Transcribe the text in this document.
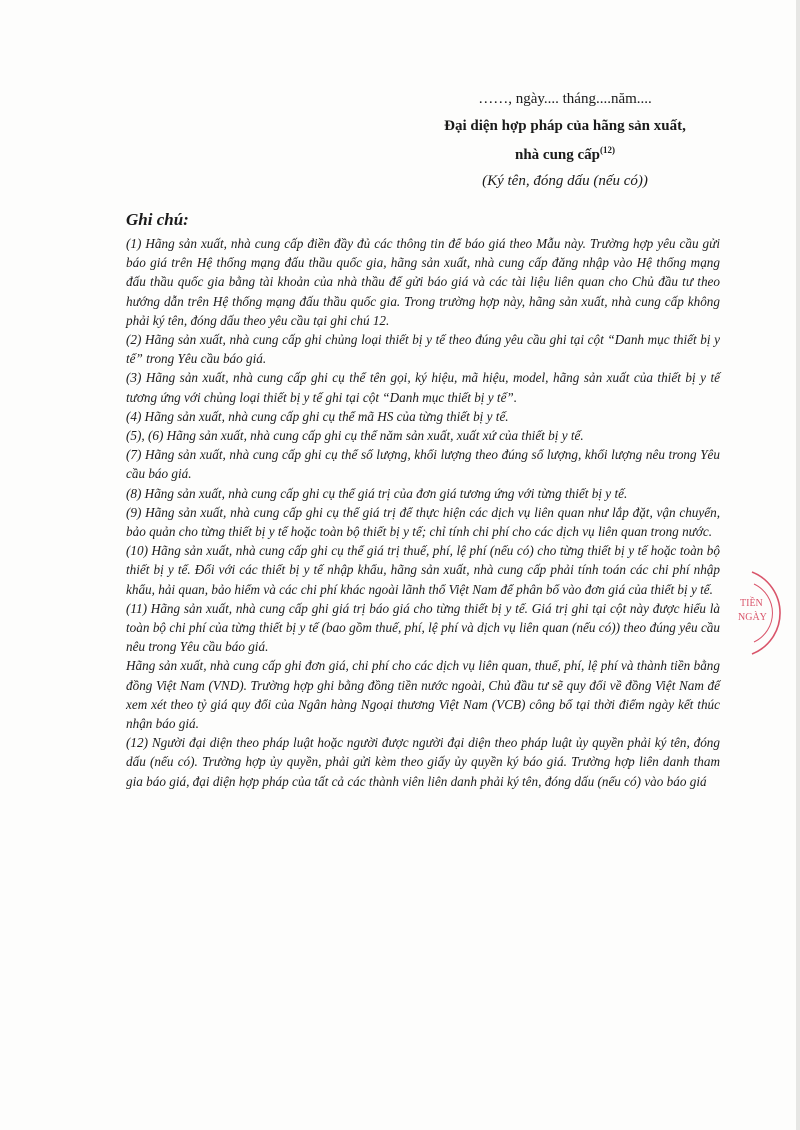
……, ngày.... tháng....năm....

Đại diện hợp pháp của hãng sản xuất,

nhà cung cấp$^{(12)}$

(Ký tên, đóng dấu (nếu có))

Ghi chú:

(1) Hãng sản xuất, nhà cung cấp điền đầy đủ các thông tin để báo giá theo Mẫu này. Trường hợp yêu cầu gửi báo giá trên Hệ thống mạng đấu thầu quốc gia, hãng sản xuất, nhà cung cấp đăng nhập vào Hệ thống mạng đấu thầu quốc gia bằng tài khoản của nhà thầu để gửi báo giá và các tài liệu liên quan cho Chủ đầu tư theo hướng dẫn trên Hệ thống mạng đấu thầu quốc gia. Trong trường hợp này, hãng sản xuất, nhà cung cấp không phải ký tên, đóng dấu theo yêu cầu tại ghi chú 12.

(2) Hãng sản xuất, nhà cung cấp ghi chủng loại thiết bị y tế theo đúng yêu cầu ghi tại cột “Danh mục thiết bị y tế” trong Yêu cầu báo giá.

(3) Hãng sản xuất, nhà cung cấp ghi cụ thể tên gọi, ký hiệu, mã hiệu, model, hãng sản xuất của thiết bị y tế tương ứng với chủng loại thiết bị y tế ghi tại cột “Danh mục thiết bị y tế”.

(4) Hãng sản xuất, nhà cung cấp ghi cụ thể mã HS của từng thiết bị y tế.

(5), (6) Hãng sản xuất, nhà cung cấp ghi cụ thể năm sản xuất, xuất xứ của thiết bị y tế.

(7) Hãng sản xuất, nhà cung cấp ghi cụ thể số lượng, khối lượng theo đúng số lượng, khối lượng nêu trong Yêu cầu báo giá.

(8) Hãng sản xuất, nhà cung cấp ghi cụ thể giá trị của đơn giá tương ứng với từng thiết bị y tế.

(9) Hãng sản xuất, nhà cung cấp ghi cụ thể giá trị để thực hiện các dịch vụ liên quan như lắp đặt, vận chuyển, bảo quản cho từng thiết bị y tế hoặc toàn bộ thiết bị y tế; chỉ tính chi phí cho các dịch vụ liên quan trong nước.

(10) Hãng sản xuất, nhà cung cấp ghi cụ thể giá trị thuế, phí, lệ phí (nếu có) cho từng thiết bị y tế hoặc toàn bộ thiết bị y tế. Đối với các thiết bị y tế nhập khẩu, hãng sản xuất, nhà cung cấp phải tính toán các chi phí nhập khẩu, hải quan, bảo hiểm và các chi phí khác ngoài lãnh thổ Việt Nam để phân bổ vào đơn giá của thiết bị y tế.

(11) Hãng sản xuất, nhà cung cấp ghi giá trị báo giá cho từng thiết bị y tế. Giá trị ghi tại cột này được hiểu là toàn bộ chi phí của từng thiết bị y tế (bao gồm thuế, phí, lệ phí và dịch vụ liên quan (nếu có)) theo đúng yêu cầu nêu trong Yêu cầu báo giá.

Hãng sản xuất, nhà cung cấp ghi đơn giá, chi phí cho các dịch vụ liên quan, thuế, phí, lệ phí và thành tiền bằng đồng Việt Nam (VND). Trường hợp ghi bằng đồng tiền nước ngoài, Chủ đầu tư sẽ quy đổi về đồng Việt Nam để xem xét theo tỷ giá quy đổi của Ngân hàng Ngoại thương Việt Nam (VCB) công bố tại thời điểm ngày kết thúc nhận báo giá.

(12) Người đại diện theo pháp luật hoặc người được người đại diện theo pháp luật ủy quyền phải ký tên, đóng dấu (nếu có). Trường hợp ủy quyền, phải gửi kèm theo giấy ủy quyền ký báo giá. Trường hợp liên danh tham gia báo giá, đại diện hợp pháp của tất cả các thành viên liên danh phải ký tên, đóng dấu (nếu có) vào báo giá

TIỀN
NGÀY
